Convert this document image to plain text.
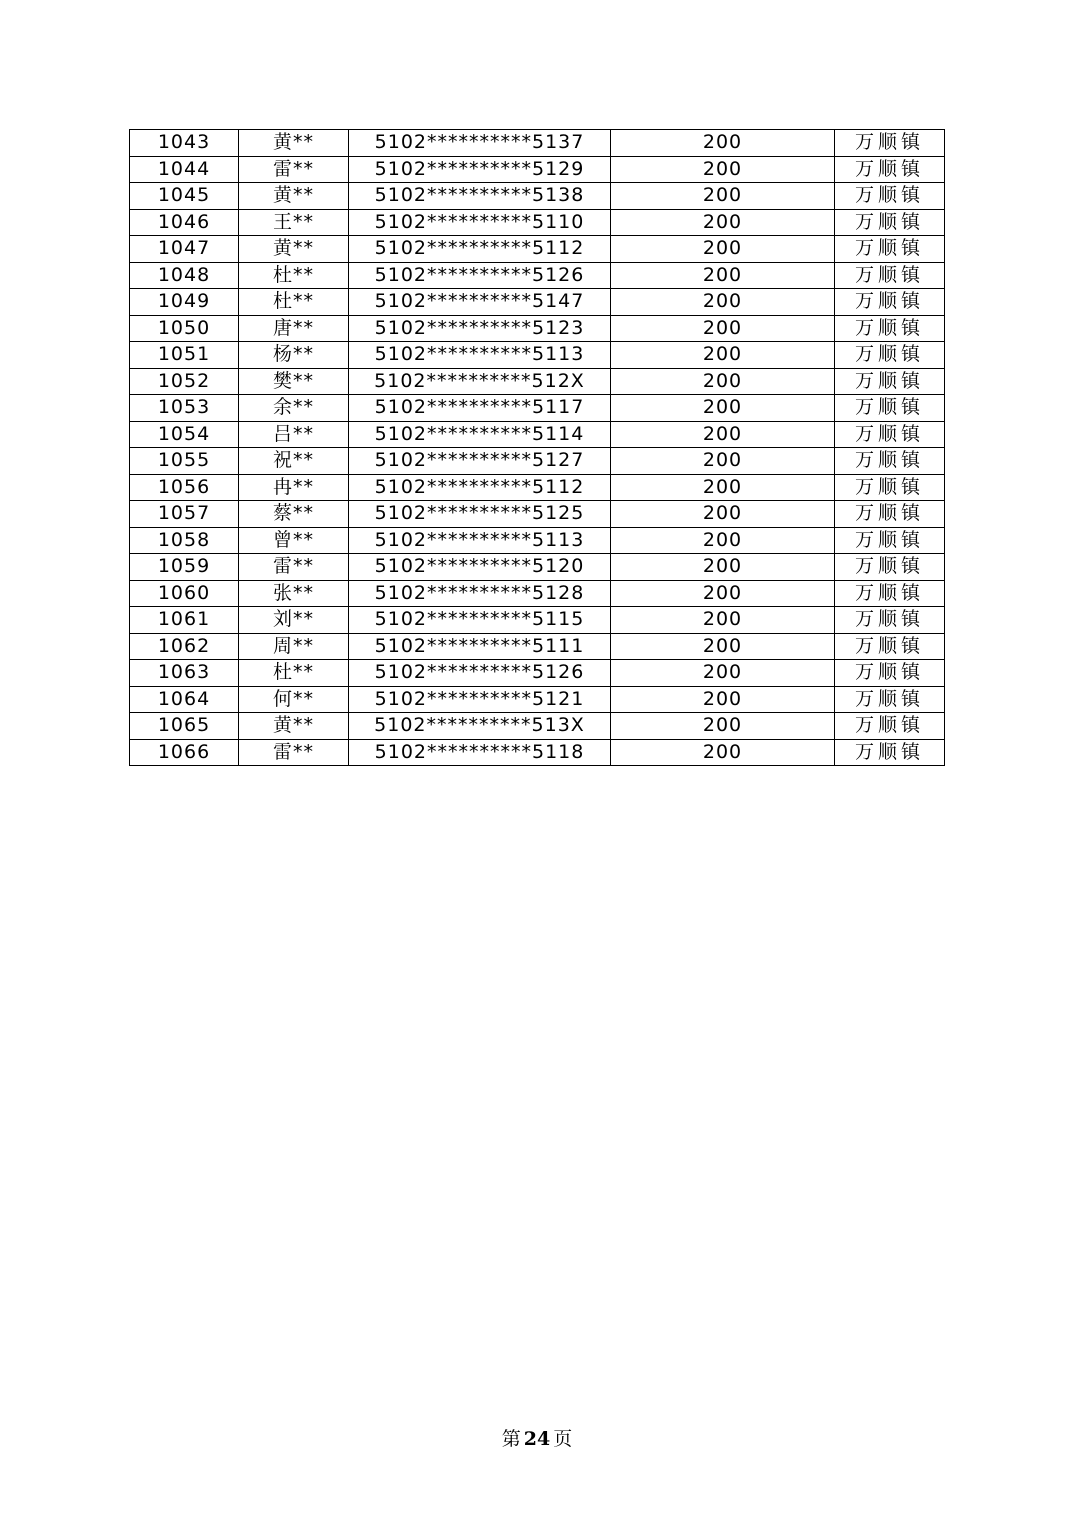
1043	黄**	5102**********5137	200	万顺镇
1044	雷**	5102**********5129	200	万顺镇
1045	黄**	5102**********5138	200	万顺镇
1046	王**	5102**********5110	200	万顺镇
1047	黄**	5102**********5112	200	万顺镇
1048	杜**	5102**********5126	200	万顺镇
1049	杜**	5102**********5147	200	万顺镇
1050	唐**	5102**********5123	200	万顺镇
1051	杨**	5102**********5113	200	万顺镇
1052	樊**	5102**********512X	200	万顺镇
1053	余**	5102**********5117	200	万顺镇
1054	吕**	5102**********5114	200	万顺镇
1055	祝**	5102**********5127	200	万顺镇
1056	冉**	5102**********5112	200	万顺镇
1057	蔡**	5102**********5125	200	万顺镇
1058	曾**	5102**********5113	200	万顺镇
1059	雷**	5102**********5120	200	万顺镇
1060	张**	5102**********5128	200	万顺镇
1061	刘**	5102**********5115	200	万顺镇
1062	周**	5102**********5111	200	万顺镇
1063	杜**	5102**********5126	200	万顺镇
1064	何**	5102**********5121	200	万顺镇
1065	黄**	5102**********513X	200	万顺镇
1066	雷**	5102**********5118	200	万顺镇
第 24 页
